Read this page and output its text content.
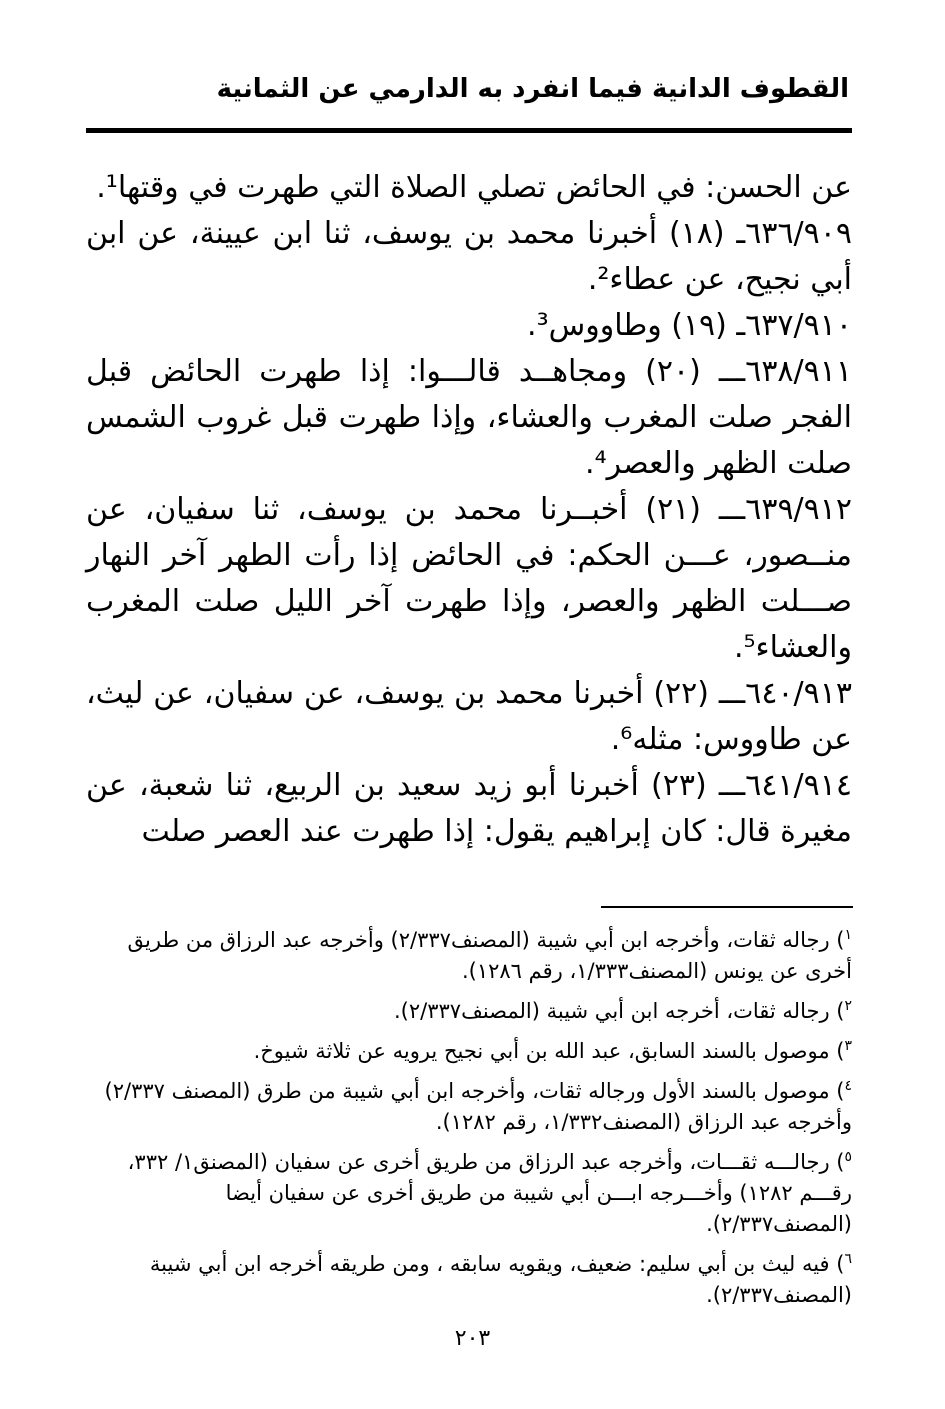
القطوف الدانية فيما انفرد به الدارمي عن الثمانية

عن الحسن: في الحائض تصلي الصلاة التي طهرت في وقتها¹.

٦٣٦/٩٠٩ـ (١٨) أخبرنا محمد بن يوسف، ثنا ابن عيينة، عن ابن أبي نجيح، عن عطاء².

٦٣٧/٩١٠ـ (١٩) وطاووس³.

٦٣٨/٩١١ـــ (٢٠) ومجاهــد قالـــوا: إذا طهرت الحائض قبل الفجر صلت المغرب والعشاء، وإذا طهرت قبل غروب الشمس صلت الظهر والعصر⁴.

٦٣٩/٩١٢ـــ (٢١) أخبــرنا محمد بن يوسف، ثنا سفيان، عن منــصور، عـــن الحكم: في الحائض إذا رأت الطهر آخر النهار صـــلت الظهر والعصر، وإذا طهرت آخر الليل صلت المغرب والعشاء⁵.

٦٤٠/٩١٣ـــ (٢٢) أخبرنا محمد بن يوسف، عن سفيان، عن ليث، عن طاووس: مثله⁶.

٦٤١/٩١٤ـــ (٢٣) أخبرنا أبو زيد سعيد بن الربيع، ثنا شعبة، عن مغيرة قال: كان إبراهيم يقول: إذا طهرت عند العصر صلت

$^١$) رجاله ثقات، وأخرجه ابن أبي شيبة (المصنف٢/٣٣٧) وأخرجه عبد الرزاق من طريق أخرى عن يونس (المصنف١/٣٣٣، رقم ١٢٨٦).

$^٢$) رجاله ثقات، أخرجه ابن أبي شيبة (المصنف٢/٣٣٧).

$^٣$) موصول بالسند السابق، عبد الله بن أبي نجيح يرويه عن ثلاثة شيوخ.

$^٤$) موصول بالسند الأول ورجاله ثقات، وأخرجه ابن أبي شيبة من طرق (المصنف ٢/٣٣٧) وأخرجه عبد الرزاق (المصنف١/٣٣٢، رقم ١٢٨٢).

$^٥$) رجالـــه ثقـــات، وأخرجه عبد الرزاق من طريق أخرى عن سفيان (المصنق١/ ٣٣٢، رقـــم ١٢٨٢) وأخـــرجه ابـــن أبي شيبة من طريق أخرى عن سفيان أيضا (المصنف٢/٣٣٧).

$^٦$) فيه ليث بن أبي سليم: ضعيف، ويقويه سابقه ، ومن طريقه أخرجه ابن أبي شيبة (المصنف٢/٣٣٧).

٢٠٣
